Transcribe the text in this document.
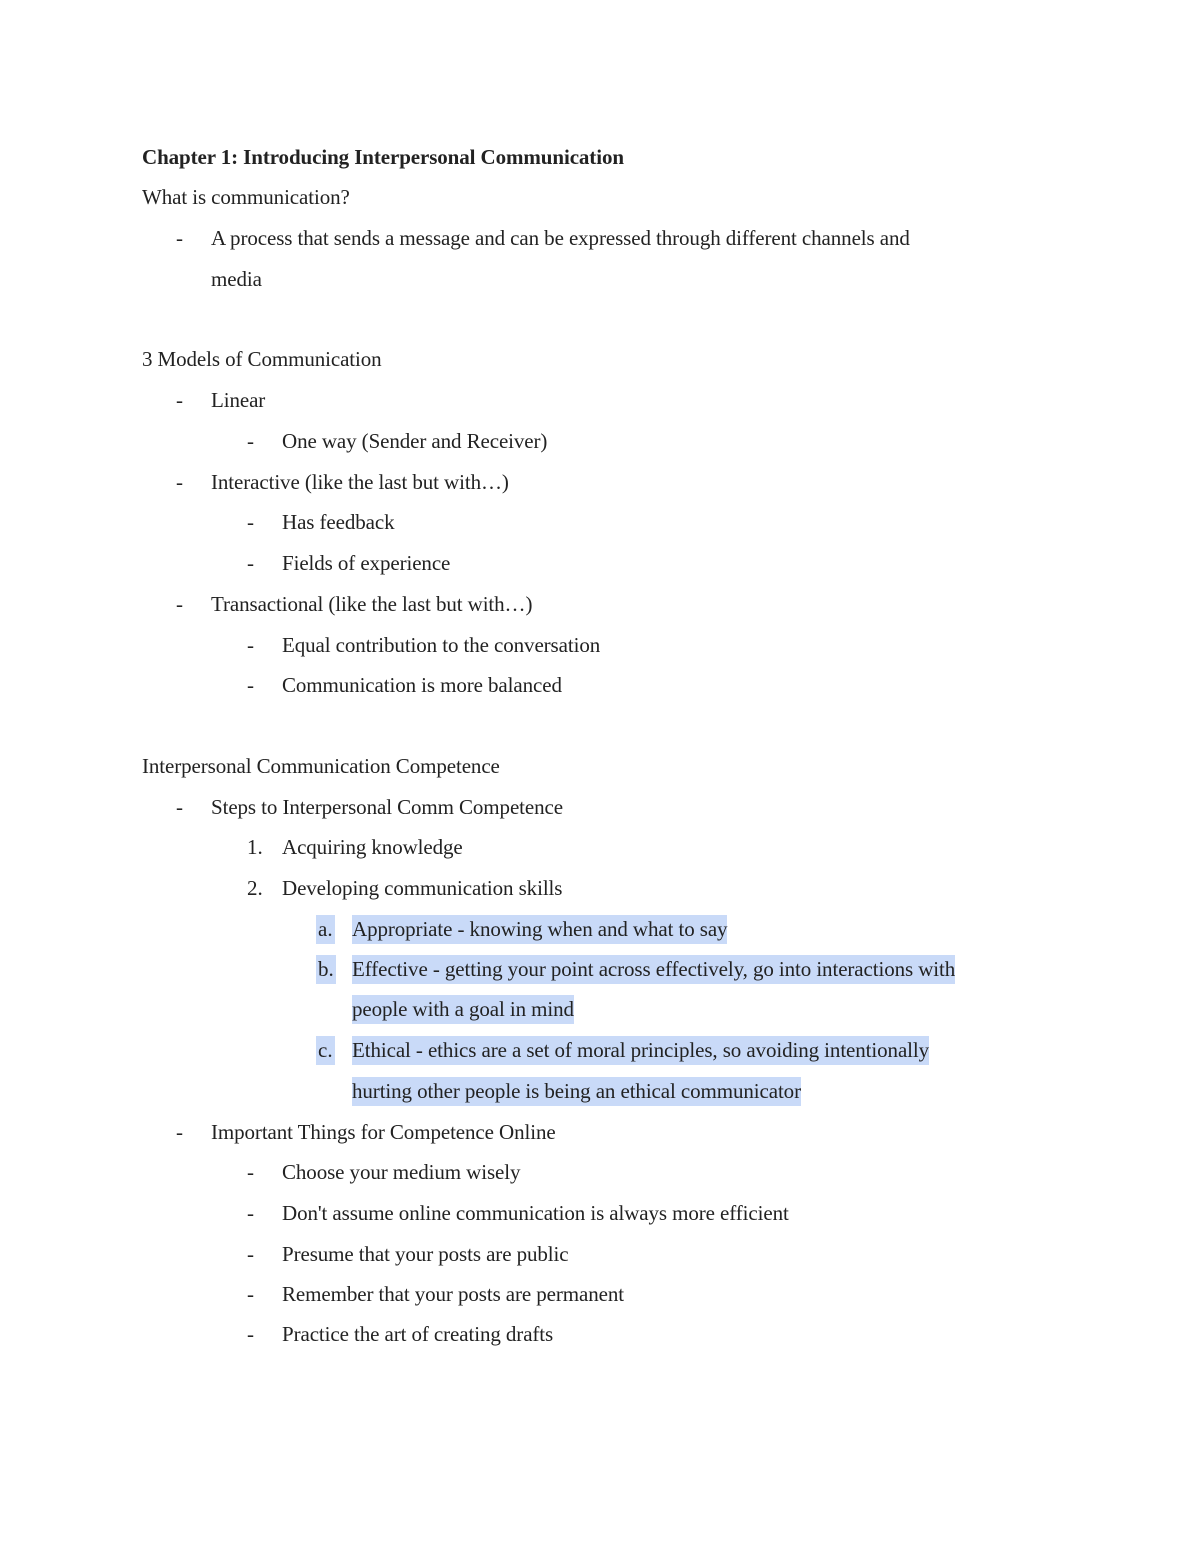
Chapter 1: Introducing Interpersonal Communication
What is communication?
- A process that sends a message and can be expressed through different channels and
media
3 Models of Communication
- Linear
- One way (Sender and Receiver)
- Interactive (like the last but with…)
- Has feedback
- Fields of experience
- Transactional (like the last but with…)
- Equal contribution to the conversation
- Communication is more balanced
Interpersonal Communication Competence
- Steps to Interpersonal Comm Competence
1. Acquiring knowledge
2. Developing communication skills
a. Appropriate - knowing when and what to say
b. Effective - getting your point across effectively, go into interactions with
people with a goal in mind
c. Ethical - ethics are a set of moral principles, so avoiding intentionally
hurting other people is being an ethical communicator
- Important Things for Competence Online
- Choose your medium wisely
- Don't assume online communication is always more efficient
- Presume that your posts are public
- Remember that your posts are permanent
- Practice the art of creating drafts
